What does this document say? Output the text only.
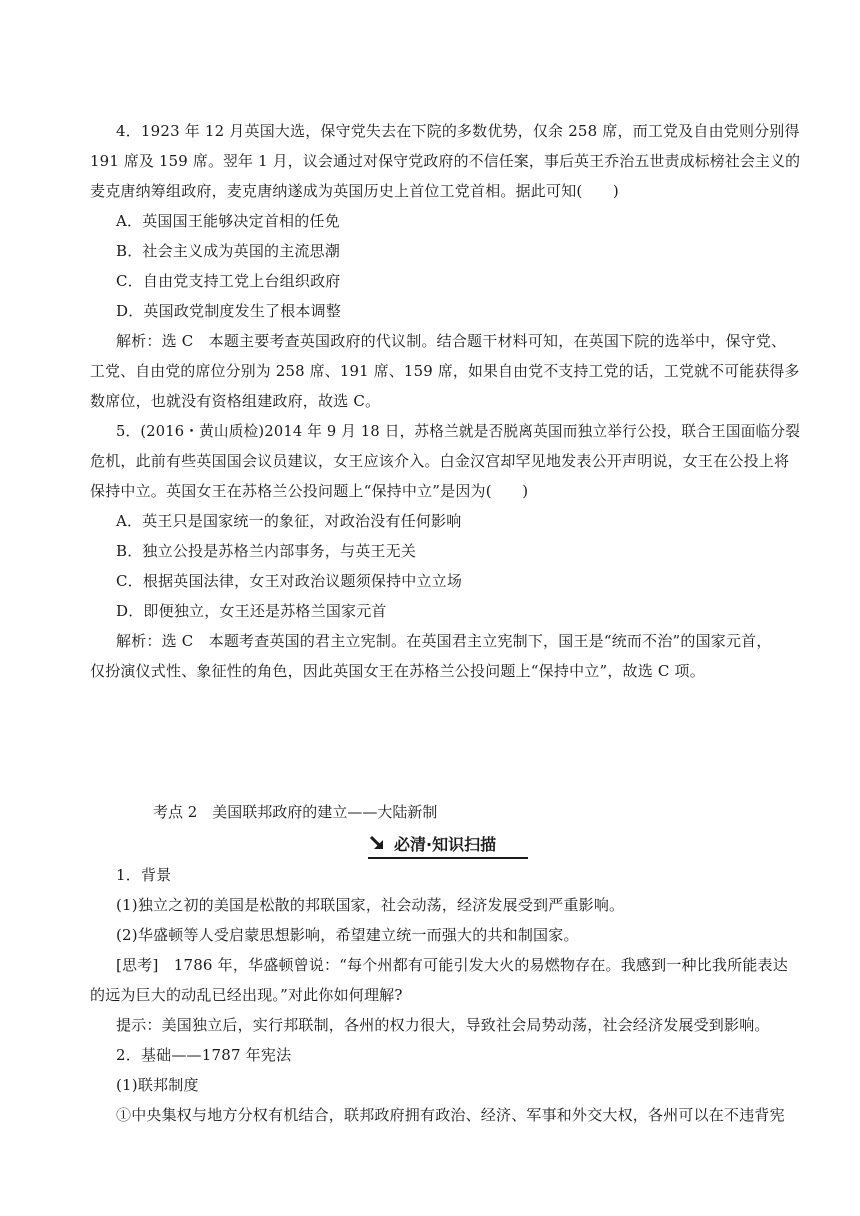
4．1923 年 12 月英国大选，保守党失去在下院的多数优势，仅余 258 席，而工党及自由党则分别得
191 席及 159 席。翌年 1 月，议会通过对保守党政府的不信任案，事后英王乔治五世责成标榜社会主义的
麦克唐纳筹组政府，麦克唐纳遂成为英国历史上首位工党首相。据此可知(　　)
A．英国国王能够决定首相的任免
B．社会主义成为英国的主流思潮
C．自由党支持工党上台组织政府
D．英国政党制度发生了根本调整
解析：选 C　本题主要考查英国政府的代议制。结合题干材料可知，在英国下院的选举中，保守党、
工党、自由党的席位分别为 258 席、191 席、159 席，如果自由党不支持工党的话，工党就不可能获得多
数席位，也就没有资格组建政府，故选 C。
5．(2016・黄山质检)2014 年 9 月 18 日，苏格兰就是否脱离英国而独立举行公投，联合王国面临分裂
危机，此前有些英国国会议员建议，女王应该介入。白金汉宫却罕见地发表公开声明说，女王在公投上将
保持中立。英国女王在苏格兰公投问题上“保持中立”是因为(　　)
A．英王只是国家统一的象征，对政治没有任何影响
B．独立公投是苏格兰内部事务，与英王无关
C．根据英国法律，女王对政治议题须保持中立立场
D．即便独立，女王还是苏格兰国家元首
解析：选 C　本题考查英国的君主立宪制。在英国君主立宪制下，国王是“统而不治”的国家元首，
仅扮演仪式性、象征性的角色，因此英国女王在苏格兰公投问题上“保持中立”，故选 C 项。
考点 2　美国联邦政府的建立——大陆新制
必清·知识扫描
1．背景
(1)独立之初的美国是松散的邦联国家，社会动荡，经济发展受到严重影响。
(2)华盛顿等人受启蒙思想影响，希望建立统一而强大的共和制国家。
[思考]　1786 年，华盛顿曾说：“每个州都有可能引发大火的易燃物存在。我感到一种比我所能表达
的远为巨大的动乱已经出现。”对此你如何理解?
提示：美国独立后，实行邦联制，各州的权力很大，导致社会局势动荡，社会经济发展受到影响。
2．基础——1787 年宪法
(1)联邦制度
①中央集权与地方分权有机结合，联邦政府拥有政治、经济、军事和外交大权，各州可以在不违背宪
